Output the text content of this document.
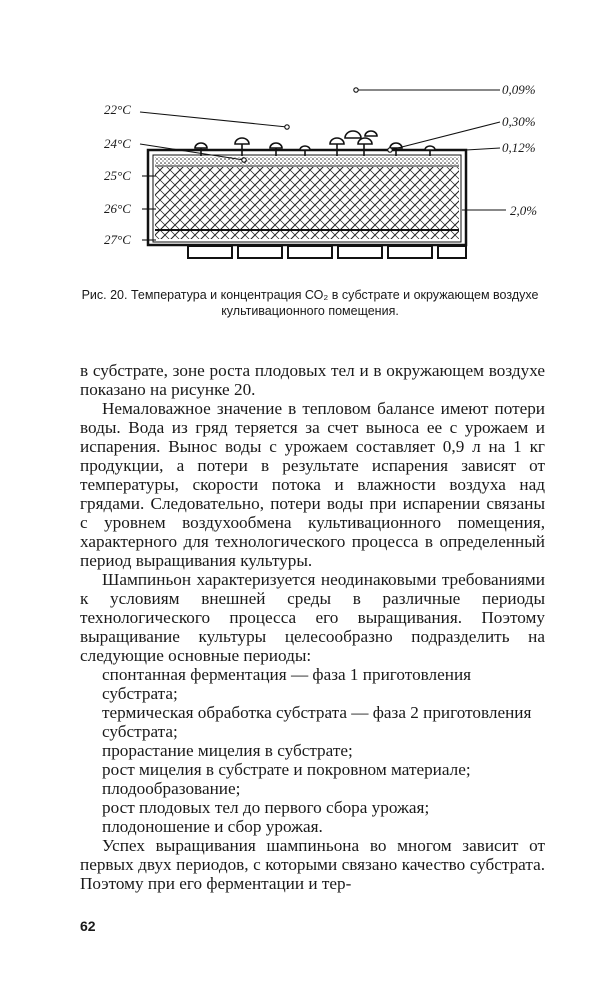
22°C
24°C
25°C
26°C
27°C
0,09%
0,30%
0,12%
2,0%
Рис. 20. Температура и концентрация СО₂ в субстрате и окружающем воздухе культивационного помещения.

в субстрате, зоне роста плодовых тел и в окружающем воздухе показано на рисунке 20.

Немаловажное значение в тепловом балансе имеют потери воды. Вода из гряд теряется за счет выноса ее с урожаем и испарения. Вынос воды с урожаем составляет 0,9 л на 1 кг продукции, а потери в результате испарения зависят от температуры, скорости потока и влажности воздуха над грядами. Следовательно, потери воды при испарении связаны с уровнем воздухообмена культивационного помещения, характерного для технологического процесса в определенный период выращивания культуры.

Шампиньон характеризуется неодинаковыми требованиями к условиям внешней среды в различные периоды технологического процесса его выращивания. Поэтому выращивание культуры целесообразно подразделить на следующие основные периоды:

спонтанная ферментация — фаза 1 приготовления субстрата;

термическая обработка субстрата — фаза 2 приготовления субстрата;

прорастание мицелия в субстрате;

рост мицелия в субстрате и покровном материале;

плодообразование;

рост плодовых тел до первого сбора урожая;

плодоношение и сбор урожая.

Успех выращивания шампиньона во многом зависит от первых двух периодов, с которыми связано качество субстрата. Поэтому при его ферментации и тер-

62
